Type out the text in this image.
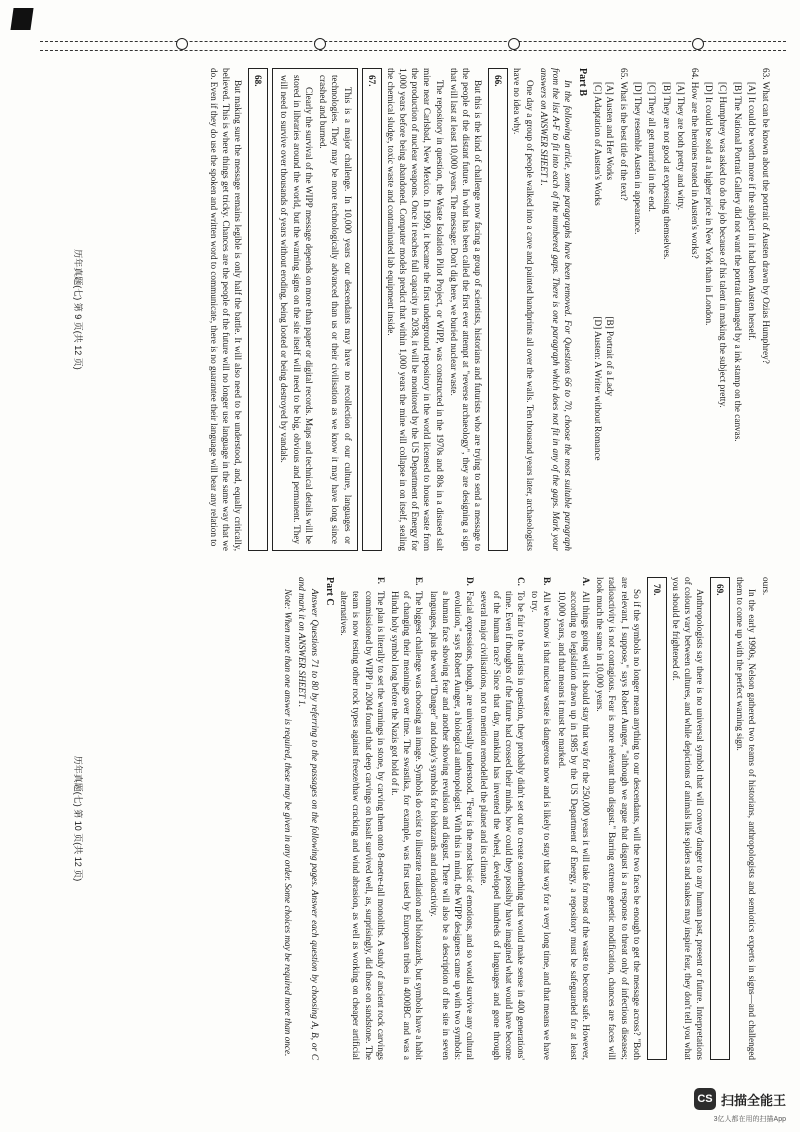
63. What can be known about the portrait of Austen drawn by Ozias Humphrey?

[A] It could be worth more if the subject in it had been Austen herself.

[B] The National Portrait Gallery did not want the portrait damaged by a ink stamp on the canvas.

[C] Humphrey was asked to do the job because of his talent in making the subject pretty.

[D] It could be sold at a higher price in New York than in London.

64. How are the heroines treated in Austen's works?

[A] They are both pretty and witty.

[B] They are not good at expressing themselves.

[C] They all get married in the end.

[D] They resemble Austen in appearance.

65. What is the best title of the text?

[A] Austen and Her Works
[B] Portrait of a Lady
[C] Adaptation of Austen's Works
[D] Austen: A Writer without Romance
Part B

In the following article, some paragraphs have been removed. For Questions 66 to 70, choose the most suitable paragraph from the list A-F to fit into each of the numbered gaps. There is one paragraph which does not fit in any of the gaps. Mark your answers on ANSWER SHEET 1.

One day a group of people walked into a cave and painted handprints all over the walls. Ten thousand years later, archaeologists have no idea why.

66.

But this is the kind of challenge now facing a group of scientists, historians and futurists who are trying to send a message to the people of the distant future. In what has been called the first ever attempt at "reverse archaeology", they are designing a sign that will last at least 10,000 years. The message: Don't dig here, we buried nuclear waste.

The repository in question, the Waste Isolation Pilot Project, or WIPP, was constructed in the 1970s and 80s in a disused salt mine near Carlsbad, New Mexico. In 1999, it became the first underground repository in the world licensed to house waste from the production of nuclear weapons. Once it reaches full capacity in 2038, it will be monitored by the US Department of Energy for 1,000 years before being abandoned. Computer models predict that within 1,000 years the mine will collapse in on itself, sealing the chemical sludge, toxic waste and contaminated lab equipment inside.

67.

This is a major challenge. In 10,000 years our descendants may have no recollection of our culture, languages or technologies. They may be more technologically advanced than us or their civilisation as we know it may have long since crashed and burned.

Clearly the survival of the WIPP message depends on more than paper or digital records. Maps and technical details will be stored in libraries around the world, but the warning signs on the site itself will need to be big, obvious and permanent. They will need to survive over thousands of years without eroding, being looted or being destroyed by vandals.

68.

But making sure the message remains legible is only half the battle. It will also need to be understood, and, equally critically, believed. This is where things get tricky. Chances are the people of the future will no longer use language in the same way that we do. Even if they do use the spoken and written word to communicate, there is no guarantee their language will bear any relation to

历年真题(七) 第 9 页(共 12 页)

ours.

In the early 1990s, Nelson gathered two teams of historians, anthropologists and semiotics experts in signs—and challenged them to come up with the perfect warning sign.

69.

Anthropologists say there is no universal symbol that will convey danger to any human past, present or future. Interpretations of colours vary between cultures, and while depictions of animals like spiders and snakes may inspire fear, they don't tell you what you should be frightened of.

70.

So if the symbols no longer mean anything to our descendants, will the two faces be enough to get the message across? "Both are relevant, I suppose," says Robert Aunger, "although we argue that disgust is a response to threat only of infectious diseases; radioactivity is not contagious. Fear is more relevant than disgust." Barring extreme genetic modification, chances are faces will look much the same in 10,000 years.

A.
All things going well it should stay that way for the 250,000 years it will take for most of the waste to become safe. However, according to legislation drawn up in 1985 by the US Department of Energy, a repository must be safeguarded for at least 10,000 years, and that means it must be marked.
B.
All we know is that nuclear waste is dangerous now and is likely to stay that way for a very long time, and that means we have to try.
C.
To be fair to the artists in question, they probably didn't set out to create something that would make sense in 400 generations' time. Even if thoughts of the future had crossed their minds, how could they possibly have imagined what would have become of the human race? Since that day, mankind has invented the wheel, developed hundreds of languages and gone through several major civilisations, not to mention remodelled the planet and its climate.
D.
Facial expressions, though, are universally understood. "Fear is the most basic of emotions, and so would survive any cultural evolution," says Robert Aunger, a biological anthropologist. With this in mind, the WIPP designers came up with two symbols: a human face showing fear and another showing revulsion and disgust. There will also be a description of the site in seven languages, plus the word "Danger" and today's symbols for biohazards and radioactivity.
E.
The biggest challenge was choosing an image. Symbols do exist to illustrate radiation and biohazards, but symbols have a habit of changing their meanings over time. The swastika, for example, was first used by European tribes in 4000BC and was a Hindu holy symbol long before the Nazis got hold of it.
F.
The plan is literally to set the warnings in stone, by carving them onto 8-metre-tall monoliths. A study of ancient rock carvings commissioned by WIPP in 2004 found that deep carvings on basalt survived well, as, surprisingly, did those on sandstone. The team is now testing other rock types against freeze/thaw cracking and wind abrasion, as well as working on cheaper artificial alternatives.
Part C

Answer Questions 71 to 80 by referring to the passages on the following pages. Answer each question by choosing A, B, or C and mark it on ANSWER SHEET 1.

Note: When more than one answer is required, these may be given in any order. Some choices may be required more than once.

历年真题(七) 第 10 页(共 12 页)
CS 扫描全能王
3亿人都在用的扫描App
